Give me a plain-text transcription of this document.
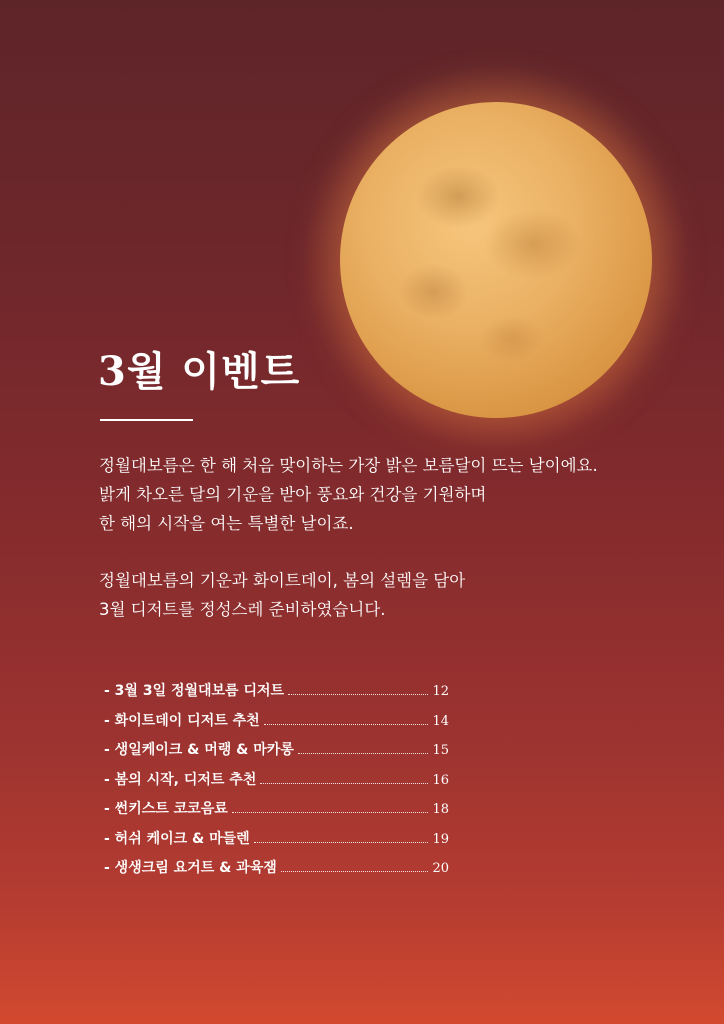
3월 이벤트

정월대보름은 한 해 처음 맞이하는 가장 밝은 보름달이 뜨는 날이에요.
밝게 차오른 달의 기운을 받아 풍요와 건강을 기원하며
한 해의 시작을 여는 특별한 날이죠.

정월대보름의 기운과 화이트데이, 봄의 설렘을 담아
3월 디저트를 정성스레 준비하였습니다.

- 3월 3일 정월대보름 디저트	12
- 화이트데이 디저트 추천	14
- 생일케이크 & 머랭 & 마카롱	15
- 봄의 시작, 디저트 추천	16
- 썬키스트 코코음료	18
- 허쉬 케이크 & 마들렌	19
- 생생크림 요거트 & 과육잼	20
